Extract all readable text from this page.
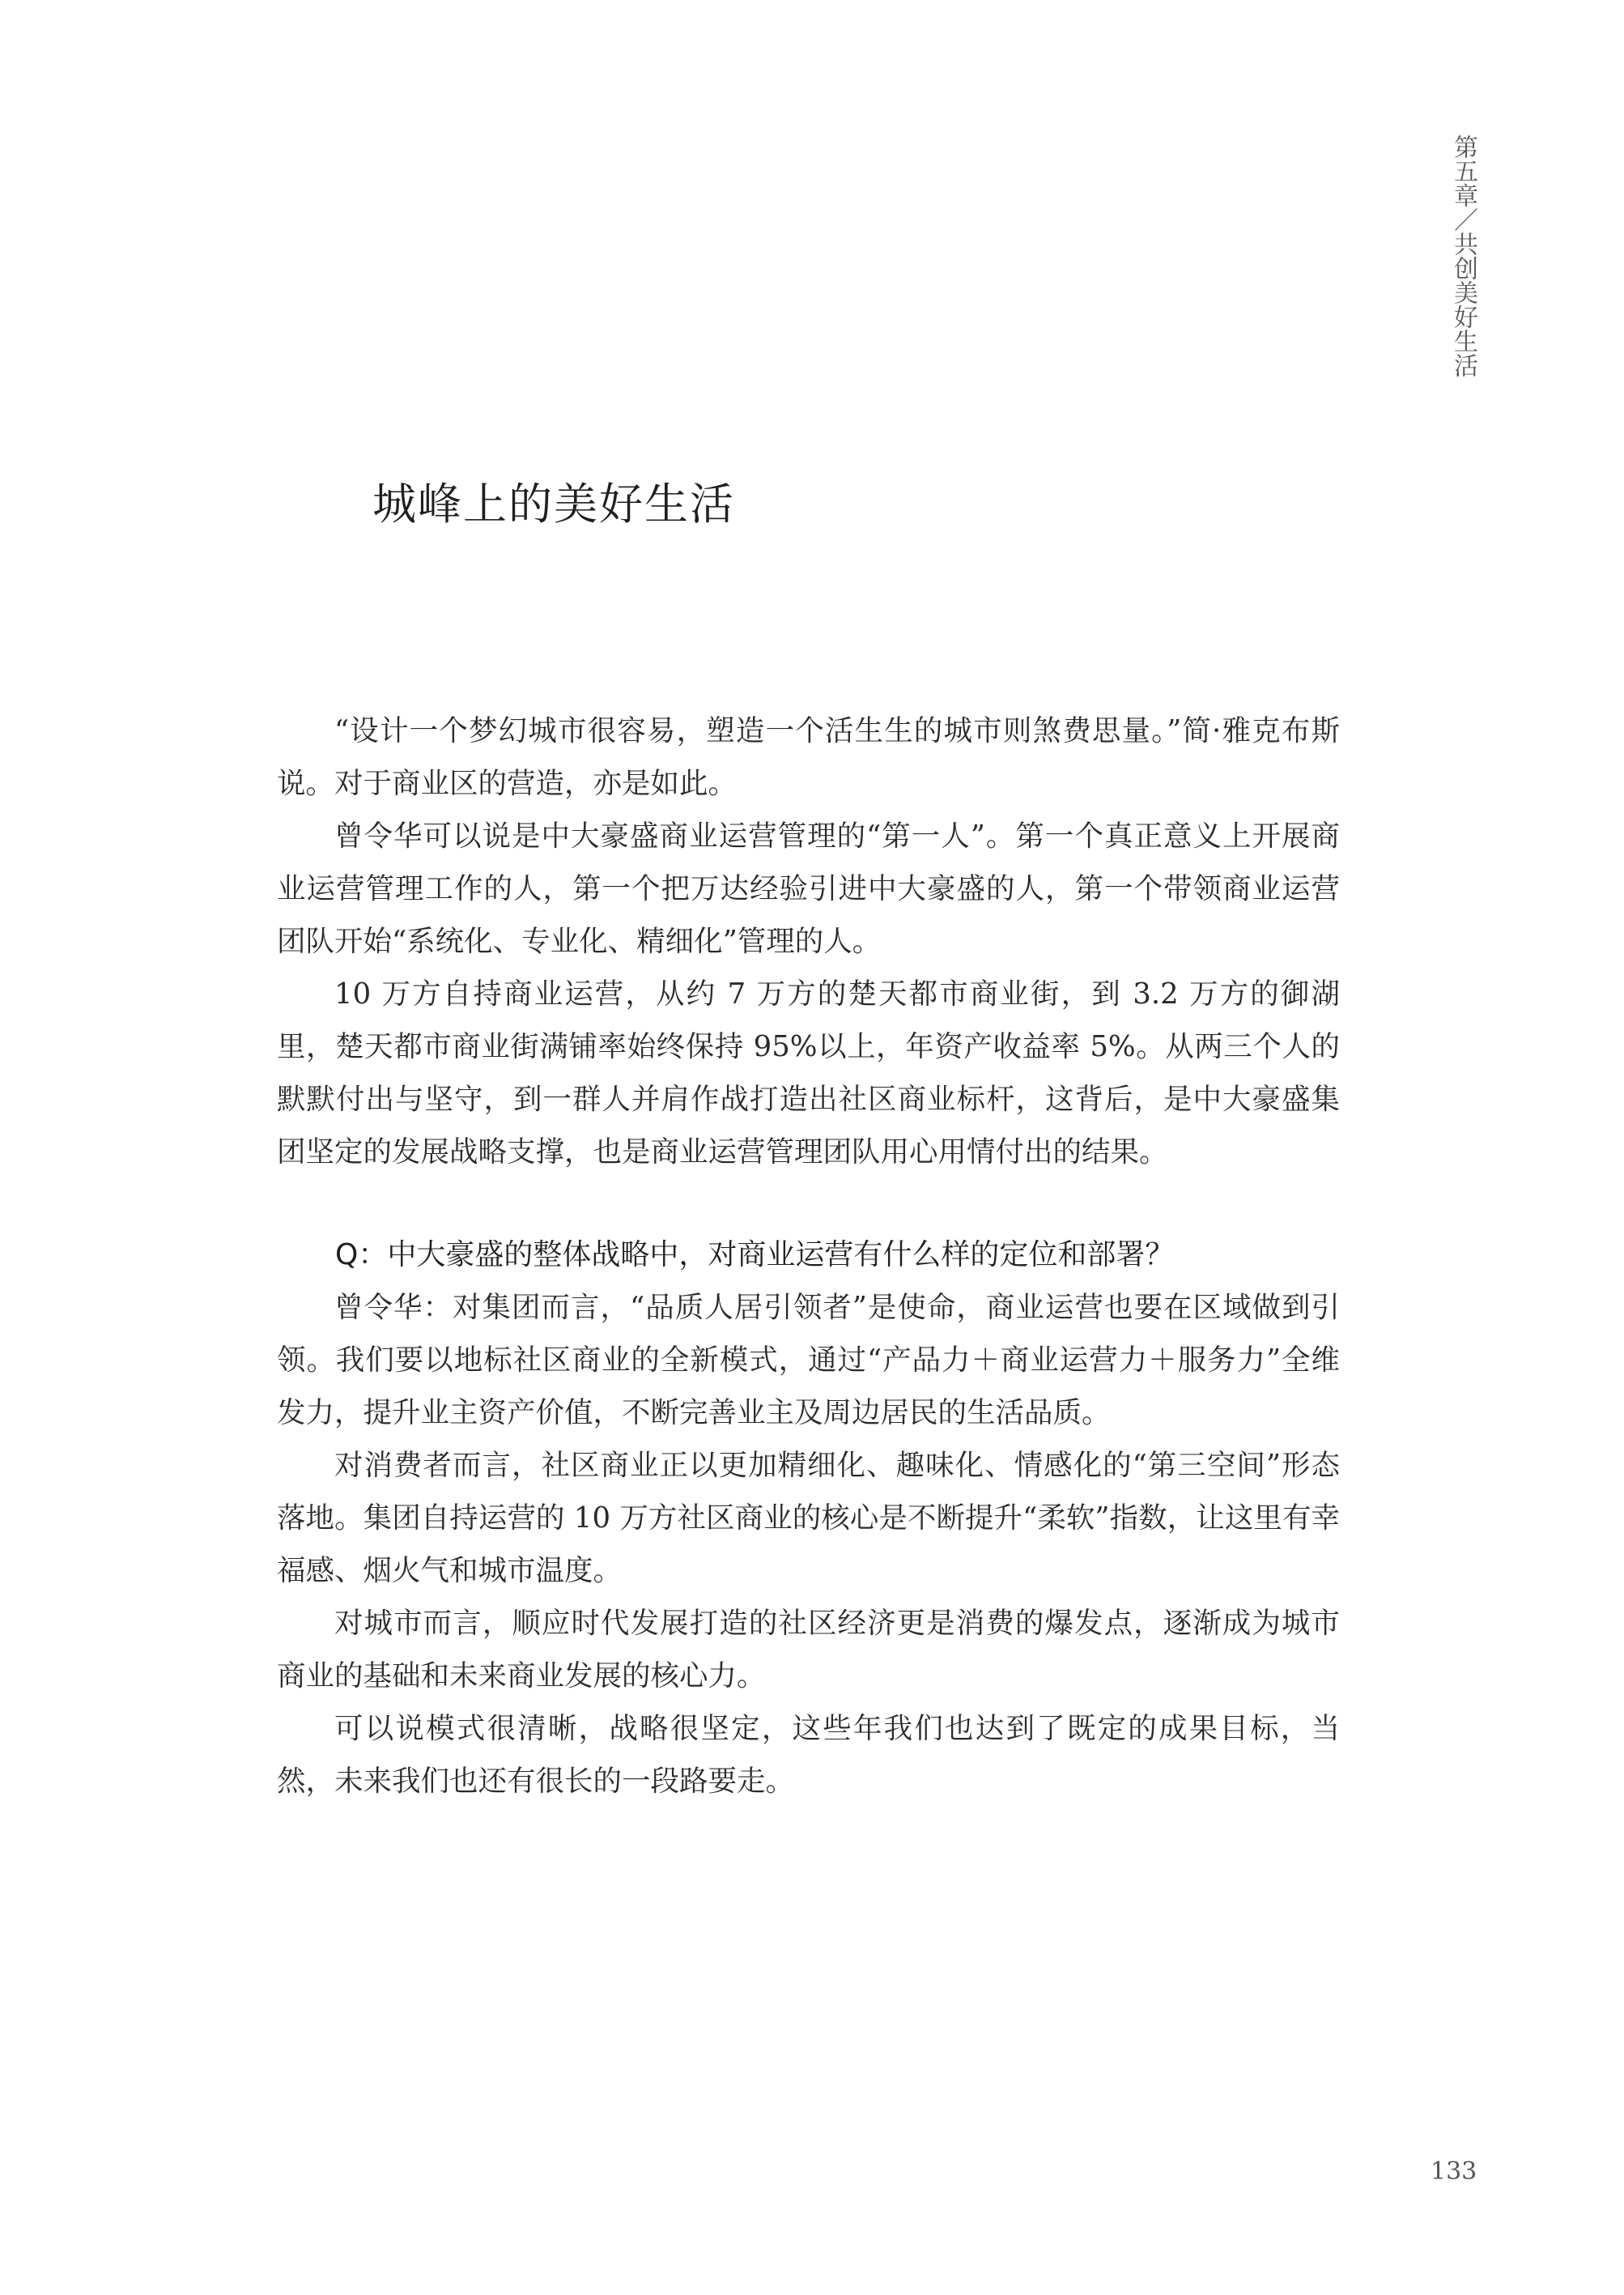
第五章／共创美好生活
城峰上的美好生活

“设计一个梦幻城市很容易，塑造一个活生生的城市则煞费思量。”简·雅克布斯说。对于商业区的营造，亦是如此。

曾令华可以说是中大豪盛商业运营管理的“第一人”。第一个真正意义上开展商业运营管理工作的人，第一个把万达经验引进中大豪盛的人，第一个带领商业运营团队开始“系统化、专业化、精细化”管理的人。

10 万方自持商业运营，从约 7 万方的楚天都市商业街，到 3.2 万方的御湖里，楚天都市商业街满铺率始终保持 95%以上，年资产收益率 5%。从两三个人的默默付出与坚守，到一群人并肩作战打造出社区商业标杆，这背后，是中大豪盛集团坚定的发展战略支撑，也是商业运营管理团队用心用情付出的结果。

Q：中大豪盛的整体战略中，对商业运营有什么样的定位和部署？

曾令华：对集团而言，“品质人居引领者”是使命，商业运营也要在区域做到引领。我们要以地标社区商业的全新模式，通过“产品力＋商业运营力＋服务力”全维发力，提升业主资产价值，不断完善业主及周边居民的生活品质。

对消费者而言，社区商业正以更加精细化、趣味化、情感化的“第三空间”形态落地。集团自持运营的 10 万方社区商业的核心是不断提升“柔软”指数，让这里有幸福感、烟火气和城市温度。

对城市而言，顺应时代发展打造的社区经济更是消费的爆发点，逐渐成为城市商业的基础和未来商业发展的核心力。

可以说模式很清晰，战略很坚定，这些年我们也达到了既定的成果目标，当然，未来我们也还有很长的一段路要走。

133
